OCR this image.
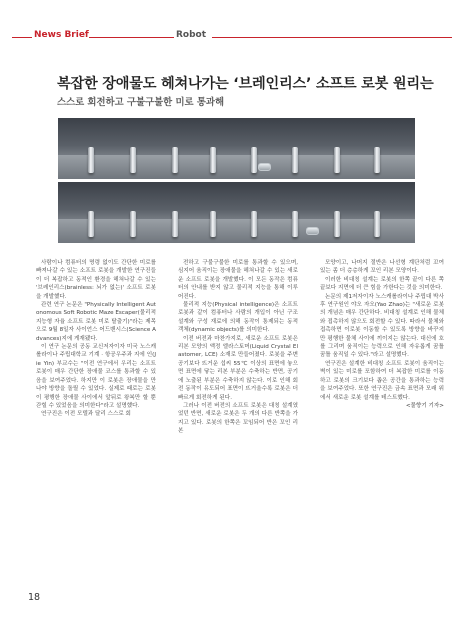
News Brief	Robot
복잡한 장애물도 헤쳐나가는 ‘브레인리스’ 소프트 로봇 원리는
스스로 회전하고 구불구불한 미로 통과해

사람이나 컴퓨터의 명령 없이도 간단한 미로를 빠져나갈 수 있는 소프트 로봇을 개발한 연구진들이 더 복잡하고 동적인 환경을 헤쳐나갈 수 있는 '브레인리스(brainless: 뇌가 없는)' 소프트 로봇을 개발했다.

관련 연구 논문은 "Physically Intelligent Autonomous Soft Robotic Maze Escaper(물리적 지능형 자율 소프트 로봇 미로 탈출기)"라는 제목으로 9월 8일자 사이언스 어드밴시스(Science Advances)지에 게재됐다.

이 연구 논문의 공동 교신저자이자 미국 노스캐롤라이나 주립대학교 기계 · 항공우주과 지에 인(Jie Yin) 부교수는 "이전 연구에서 우리는 소프트 로봇이 매우 간단한 장애물 코스를 통과할 수 있음을 보여주었다. 하지만 이 로봇은 장애물을 만나야 방향을 돌릴 수 있었다. 실제로 때로는 로봇이 평행한 장애물 사이에서 앞뒤로 왕복만 할 뿐 갇힐 수 있었음을 의미한다"라고 설명했다.

연구진은 이전 모델과 달리 스스로 회

전하고 구불구불한 미로를 통과할 수 있으며, 심지어 움직이는 장애물을 헤쳐나갈 수 있는 새로운 소프트 로봇을 개발했다. 이 모든 동작은 컴퓨터의 안내를 받지 않고 물리적 지능을 통해 이루어진다.

물리적 지능(Physical intelligence)은 소프트 로봇과 같이 컴퓨터나 사람의 개입이 아닌 구조 설계와 구성 재료에 의해 동작이 통제되는 동적 객체(dynamic objects)를 의미한다.

이전 버전과 마찬가지로, 새로운 소프트 로봇은 리본 모양의 액정 엘라스토머(Liquid Crystal Elastomer, LCE) 소재로 만들어졌다. 로봇을 주변 공기보다 뜨거운 섭씨 55℃ 이상의 표면에 놓으면 표면에 닿는 리본 부분은 수축하는 반면, 공기에 노출된 부분은 수축하지 않는다. 이로 인해 회전 동작이 유도되어 표면이 뜨거울수록 로봇은 더 빠르게 회전하게 된다.

그러나 이전 버전의 소프트 로봇은 대칭 설계였었던 반면, 새로운 로봇은 두 개의 다른 반쪽을 가지고 있다. 로봇의 한쪽은 꼬임되어 반은 꼬인 리본

모양이고, 나머지 절반은 나선형 계단처럼 꼬여 있는 좀 더 층층하게 꼬인 리본 모양이다.

이러한 비대칭 설계는 로봇의 한쪽 끝이 다른 쪽 끝보다 지면에 더 큰 힘을 가한다는 것을 의미한다.

논문의 제1저자이자 노스캐롤라이나 주립대 박사후 연구원인 야오 자오(Yao Zhao)는 "새로운 로봇의 개념은 매우 간단하다. 비대칭 설계로 인해 물체와 접촉하지 않으도 회전할 수 있다. 따라서 물체와 접촉하면 이로봇 이동할 수 있도록 방향을 바꾸지만 평행한 물체 사이에 끼이지는 않는다. 대신에 호를 그리며 움직이는 능력으로 인해 자유롭게 꿈틀꿈틀 움직일 수 있다."라고 설명했다.

연구진은 설계한 비대칭 소프트 로봇이 움직이는 벽이 있는 미로를 포함하여 더 복잡한 미로를 이동하고 로봇의 크기보다 좁은 공간을 통과하는 능력을 보여주었다. 또한 연구진은 금속 표면과 모래 위에서 새로운 로봇 설계를 테스트했다.

<물향기 기자>
18
